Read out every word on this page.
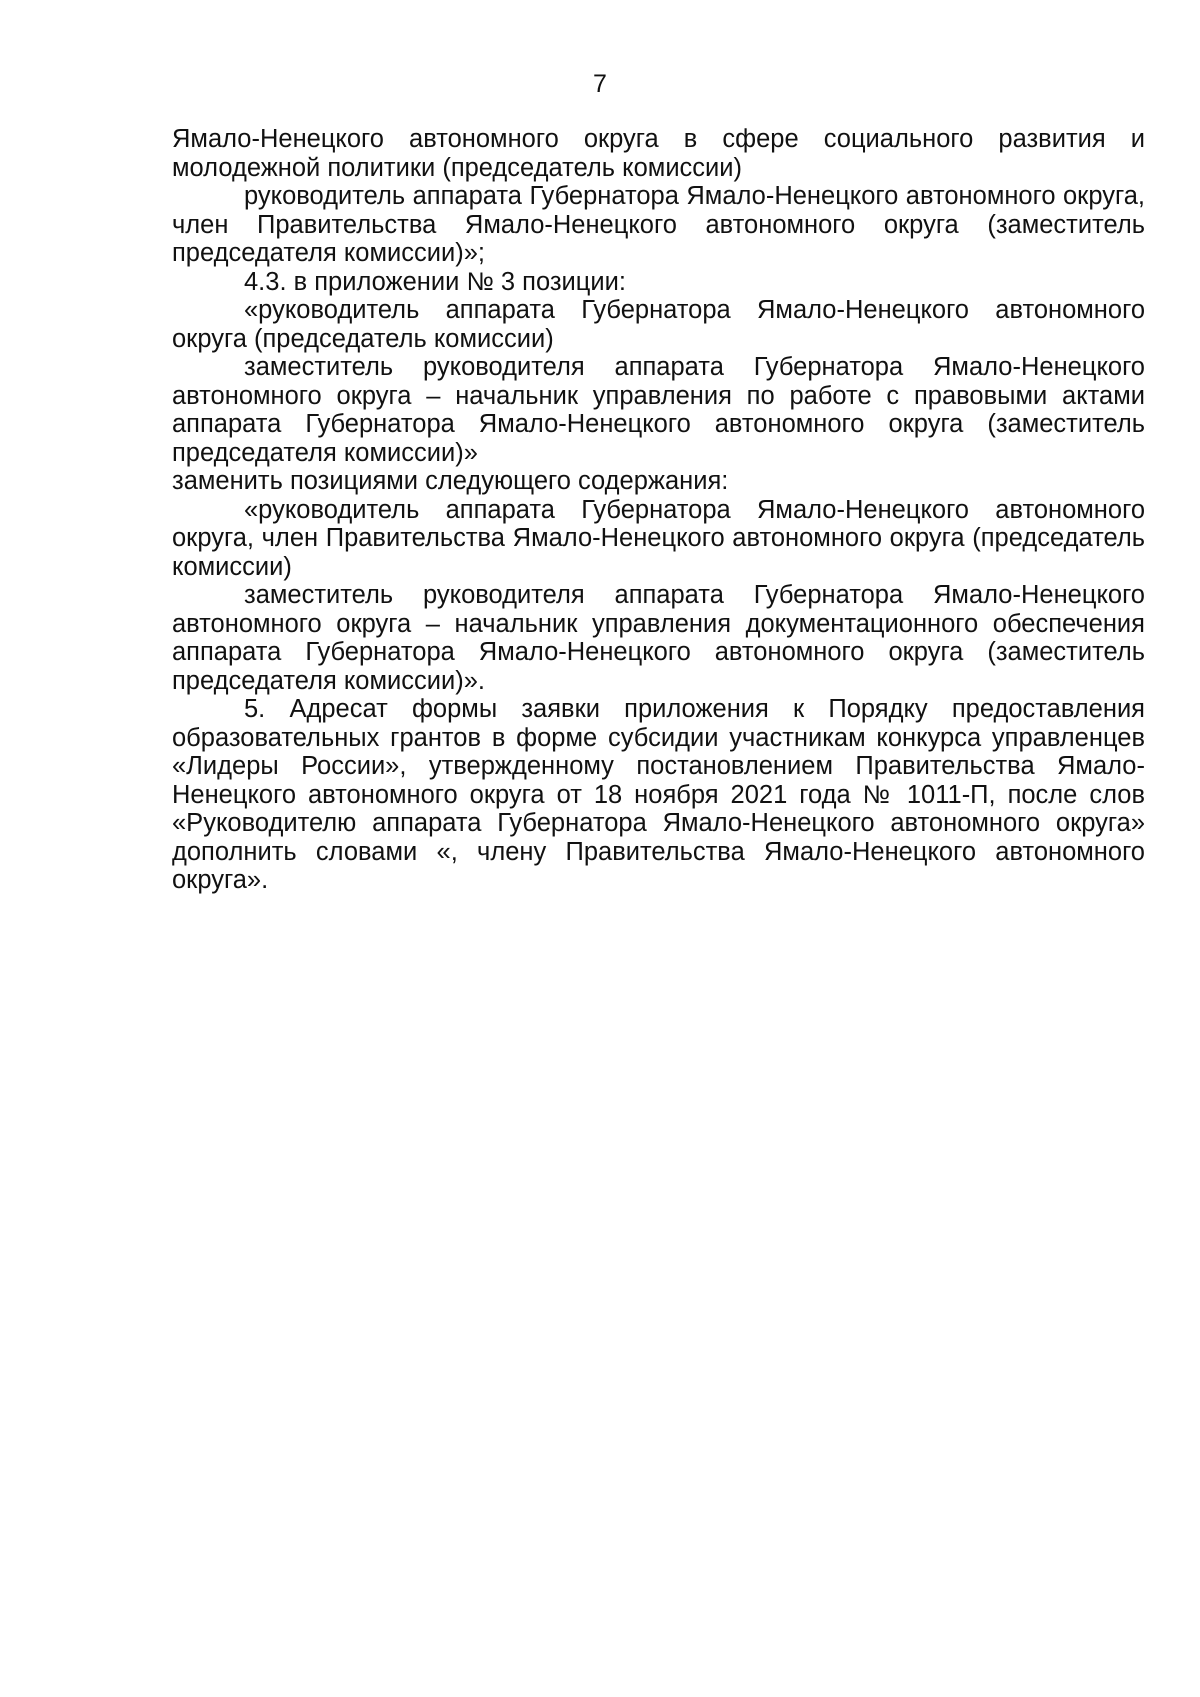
7

Ямало-Ненецкого автономного округа в сфере социального развития и молодежной политики (председатель комиссии)

руководитель аппарата Губернатора Ямало-Ненецкого автономного округа, член Правительства Ямало-Ненецкого автономного округа (заместитель председателя комиссии)»;

4.3. в приложении № 3 позиции:

«руководитель аппарата Губернатора Ямало-Ненецкого автономного округа (председатель комиссии)

заместитель руководителя аппарата Губернатора Ямало-Ненецкого автономного округа – начальник управления по работе с правовыми актами аппарата Губернатора Ямало-Ненецкого автономного округа (заместитель председателя комиссии)»

заменить позициями следующего содержания:

«руководитель аппарата Губернатора Ямало-Ненецкого автономного округа, член Правительства Ямало-Ненецкого автономного округа (председатель комиссии)

заместитель руководителя аппарата Губернатора Ямало-Ненецкого автономного округа – начальник управления документационного обеспечения аппарата Губернатора Ямало-Ненецкого автономного округа (заместитель председателя комиссии)».

5. Адресат формы заявки приложения к Порядку предоставления образовательных грантов в форме субсидии участникам конкурса управленцев «Лидеры России», утвержденному постановлением Правительства Ямало-Ненецкого автономного округа от 18 ноября 2021 года № 1011-П, после слов «Руководителю аппарата Губернатора Ямало-Ненецкого автономного округа» дополнить словами «, члену Правительства Ямало-Ненецкого автономного округа».
